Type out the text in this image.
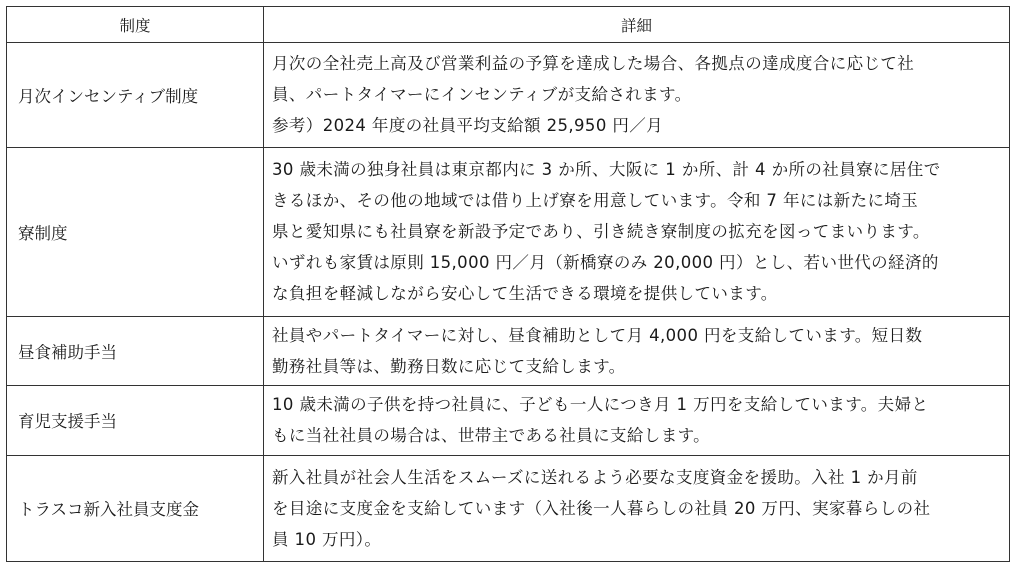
制度	詳細
月次インセンティブ制度	月次の全社売上高及び営業利益の予算を達成した場合、各拠点の達成度合に応じて社
員、パートタイマーにインセンティブが支給されます。
参考）2024 年度の社員平均支給額 25,950 円／月

寮制度	30 歳未満の独身社員は東京都内に 3 か所、大阪に 1 か所、計 4 か所の社員寮に居住で
きるほか、その他の地域では借り上げ寮を用意しています。令和 7 年には新たに埼玉
県と愛知県にも社員寮を新設予定であり、引き続き寮制度の拡充を図ってまいります。
いずれも家賃は原則 15,000 円／月（新橋寮のみ 20,000 円）とし、若い世代の経済的
な負担を軽減しながら安心して生活できる環境を提供しています。

昼食補助手当	社員やパートタイマーに対し、昼食補助として月 4,000 円を支給しています。短日数
勤務社員等は、勤務日数に応じて支給します。

育児支援手当	10 歳未満の子供を持つ社員に、子ども一人につき月 1 万円を支給しています。夫婦と
もに当社社員の場合は、世帯主である社員に支給します。

トラスコ新入社員支度金	新入社員が社会人生活をスムーズに送れるよう必要な支度資金を援助。入社 1 か月前
を目途に支度金を支給しています（入社後一人暮らしの社員 20 万円、実家暮らしの社
員 10 万円）。
